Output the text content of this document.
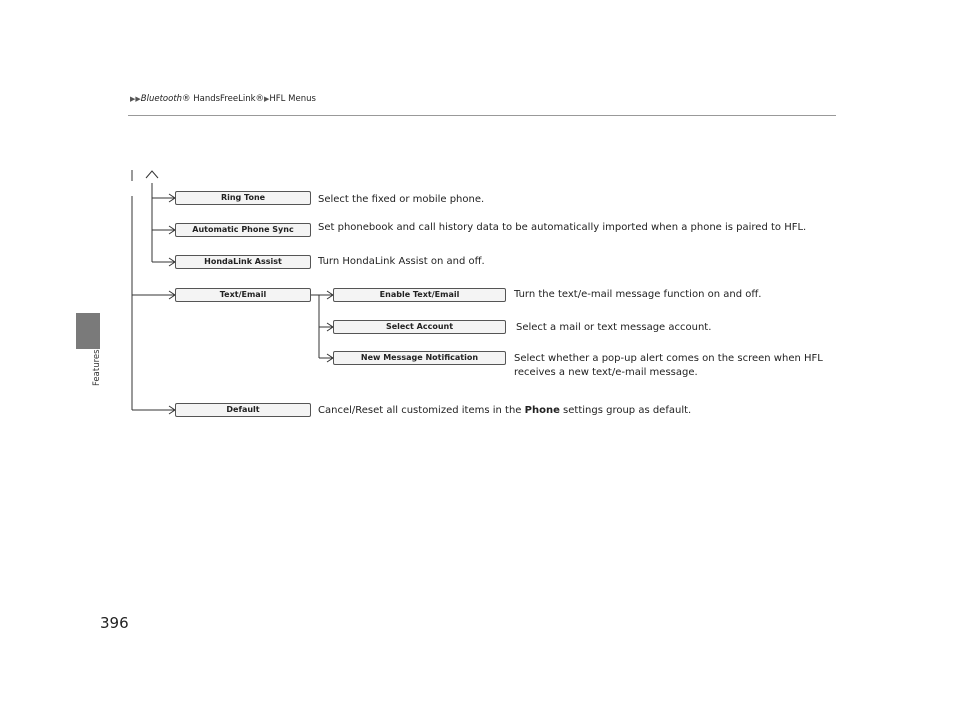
Features
▶▶Bluetooth® HandsFreeLink®▶HFL Menus
Ring Tone	Select the fixed or mobile phone.
Automatic Phone Sync	Set phonebook and call history data to be automatically imported when a phone is paired to HFL.
HondaLink Assist	Turn HondaLink Assist on and off.
Text/Email	Enable Text/Email	Turn the text/e-mail message function on and off.
Select Account	Select a mail or text message account.
New Message Notification	Select whether a pop-up alert comes on the screen when HFL
receives a new text/e-mail message.
Default	Cancel/Reset all customized items in the Phone settings group as default.
396
